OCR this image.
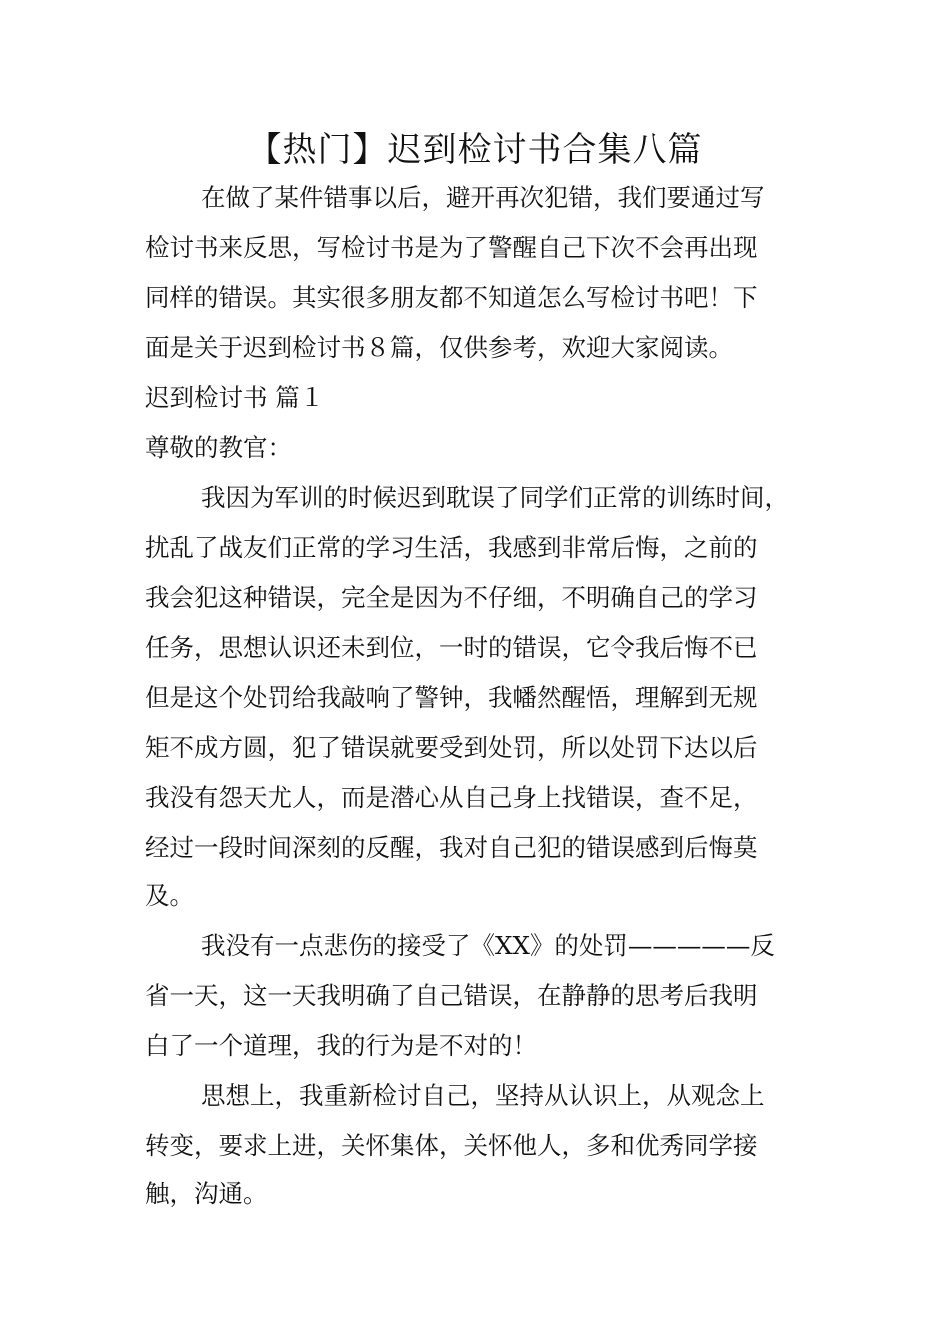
【热门】迟到检讨书合集八篇

在做了某件错事以后，避开再次犯错，我们要通过写

检讨书来反思，写检讨书是为了警醒自己下次不会再出现

同样的错误。其实很多朋友都不知道怎么写检讨书吧！下

面是关于迟到检讨书８篇，仅供参考，欢迎大家阅读。

迟到检讨书 篇１

尊敬的教官：

我因为军训的时候迟到耽误了同学们正常的训练时间，

扰乱了战友们正常的学习生活，我感到非常后悔，之前的

我会犯这种错误，完全是因为不仔细，不明确自己的学习

任务，思想认识还未到位，一时的错误，它令我后悔不已

但是这个处罚给我敲响了警钟，我幡然醒悟，理解到无规

矩不成方圆，犯了错误就要受到处罚，所以处罚下达以后

我没有怨天尤人，而是潜心从自己身上找错误，查不足，

经过一段时间深刻的反醒，我对自己犯的错误感到后悔莫

及。

我没有一点悲伤的接受了《XX》的处罚—————反

省一天，这一天我明确了自己错误，在静静的思考后我明

白了一个道理，我的行为是不对的！

思想上，我重新检讨自己，坚持从认识上，从观念上

转变，要求上进，关怀集体，关怀他人，多和优秀同学接

触，沟通。
